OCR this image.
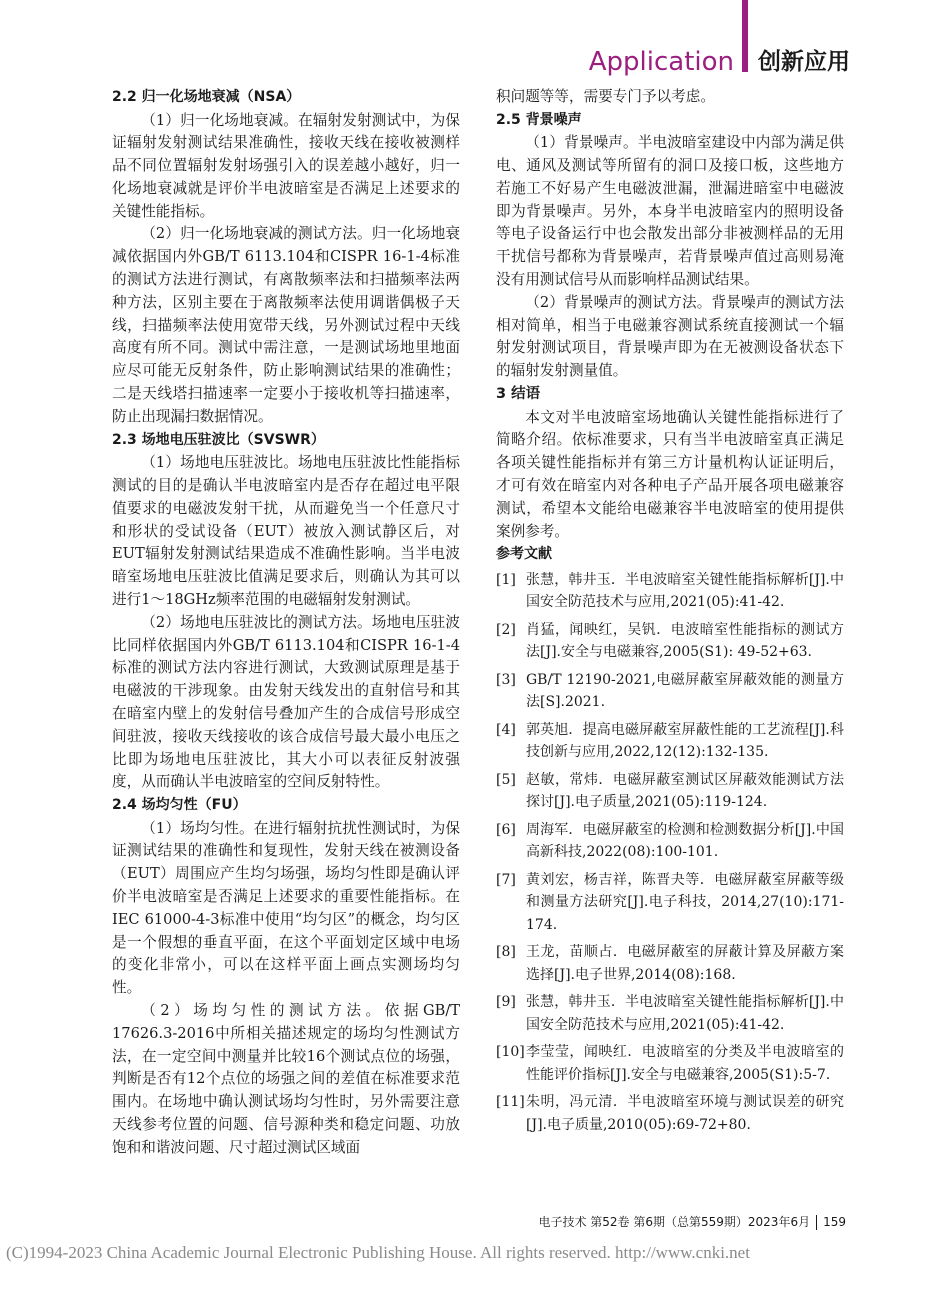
Application 创新应用
2.2 归一化场地衰减（NSA）

（1）归一化场地衰减。在辐射发射测试中，为保证辐射发射测试结果准确性，接收天线在接收被测样品不同位置辐射发射场强引入的误差越小越好，归一化场地衰减就是评价半电波暗室是否满足上述要求的关键性能指标。

（2）归一化场地衰减的测试方法。归一化场地衰减依据国内外GB/T 6113.104和CISPR 16-1-4标准的测试方法进行测试，有离散频率法和扫描频率法两种方法，区别主要在于离散频率法使用调谐偶极子天线，扫描频率法使用宽带天线，另外测试过程中天线高度有所不同。测试中需注意，一是测试场地里地面应尽可能无反射条件，防止影响测试结果的准确性；二是天线塔扫描速率一定要小于接收机等扫描速率，防止出现漏扫数据情况。

2.3 场地电压驻波比（SVSWR）

（1）场地电压驻波比。场地电压驻波比性能指标测试的目的是确认半电波暗室内是否存在超过电平限值要求的电磁波发射干扰，从而避免当一个任意尺寸和形状的受试设备（EUT）被放入测试静区后，对EUT辐射发射测试结果造成不准确性影响。当半电波暗室场地电压驻波比值满足要求后，则确认为其可以进行1～18GHz频率范围的电磁辐射发射测试。

（2）场地电压驻波比的测试方法。场地电压驻波比同样依据国内外GB/T 6113.104和CISPR 16-1-4标准的测试方法内容进行测试，大致测试原理是基于电磁波的干涉现象。由发射天线发出的直射信号和其在暗室内壁上的发射信号叠加产生的合成信号形成空间驻波，接收天线接收的该合成信号最大最小电压之比即为场地电压驻波比，其大小可以表征反射波强度，从而确认半电波暗室的空间反射特性。

2.4 场均匀性（FU）

（1）场均匀性。在进行辐射抗扰性测试时，为保证测试结果的准确性和复现性，发射天线在被测设备（EUT）周围应产生均匀场强，场均匀性即是确认评价半电波暗室是否满足上述要求的重要性能指标。在IEC 61000-4-3标准中使用“均匀区”的概念，均匀区是一个假想的垂直平面，在这个平面划定区域中电场的变化非常小，可以在这样平面上画点实测场均匀性。

（2）场均匀性的测试方法。依据GB/T 17626.3-2016中所相关描述规定的场均匀性测试方法，在一定空间中测量并比较16个测试点位的场强，判断是否有12个点位的场强之间的差值在标准要求范围内。在场地中确认测试场均匀性时，另外需要注意天线参考位置的问题、信号源种类和稳定问题、功放饱和和谐波问题、尺寸超过测试区域面

积问题等等，需要专门予以考虑。

2.5 背景噪声

（1）背景噪声。半电波暗室建设中内部为满足供电、通风及测试等所留有的洞口及接口板，这些地方若施工不好易产生电磁波泄漏，泄漏进暗室中电磁波即为背景噪声。另外，本身半电波暗室内的照明设备等电子设备运行中也会散发出部分非被测样品的无用干扰信号都称为背景噪声，若背景噪声值过高则易淹没有用测试信号从而影响样品测试结果。

（2）背景噪声的测试方法。背景噪声的测试方法相对简单，相当于电磁兼容测试系统直接测试一个辐射发射测试项目，背景噪声即为在无被测设备状态下的辐射发射测量值。

3 结语

本文对半电波暗室场地确认关键性能指标进行了简略介绍。依标准要求，只有当半电波暗室真正满足各项关键性能指标并有第三方计量机构认证证明后，才可有效在暗室内对各种电子产品开展各项电磁兼容测试，希望本文能给电磁兼容半电波暗室的使用提供案例参考。

参考文献
[1] 张慧，韩井玉．半电波暗室关键性能指标解析[J].中国安全防范技术与应用,2021(05):41-42.
[2] 肖猛，闻映红，吴钒．电波暗室性能指标的测试方法[J].安全与电磁兼容,2005(S1): 49-52+63.
[3] GB/T 12190-2021,电磁屏蔽室屏蔽效能的测量方法[S].2021.
[4] 郭英旭．提高电磁屏蔽室屏蔽性能的工艺流程[J].科技创新与应用,2022,12(12):132-135.
[5] 赵敏，常炜．电磁屏蔽室测试区屏蔽效能测试方法探讨[J].电子质量,2021(05):119-124.
[6] 周海军．电磁屏蔽室的检测和检测数据分析[J].中国高新科技,2022(08):100-101.
[7] 黄刘宏，杨吉祥，陈晋夬等．电磁屏蔽室屏蔽等级和测量方法研究[J].电子科技，2014,27(10):171-174.
[8] 王龙，苗顺占．电磁屏蔽室的屏蔽计算及屏蔽方案选择[J].电子世界,2014(08):168.
[9] 张慧，韩井玉．半电波暗室关键性能指标解析[J].中国安全防范技术与应用,2021(05):41-42.
[10] 李莹莹，闻映红．电波暗室的分类及半电波暗室的性能评价指标[J].安全与电磁兼容,2005(S1):5-7.
[11] 朱明，冯元清．半电波暗室环境与测试误差的研究[J].电子质量,2010(05):69-72+80.
电子技术 第52卷 第6期（总第559期）2023年6月 159
(C)1994-2023 China Academic Journal Electronic Publishing House. All rights reserved. http://www.cnki.net
